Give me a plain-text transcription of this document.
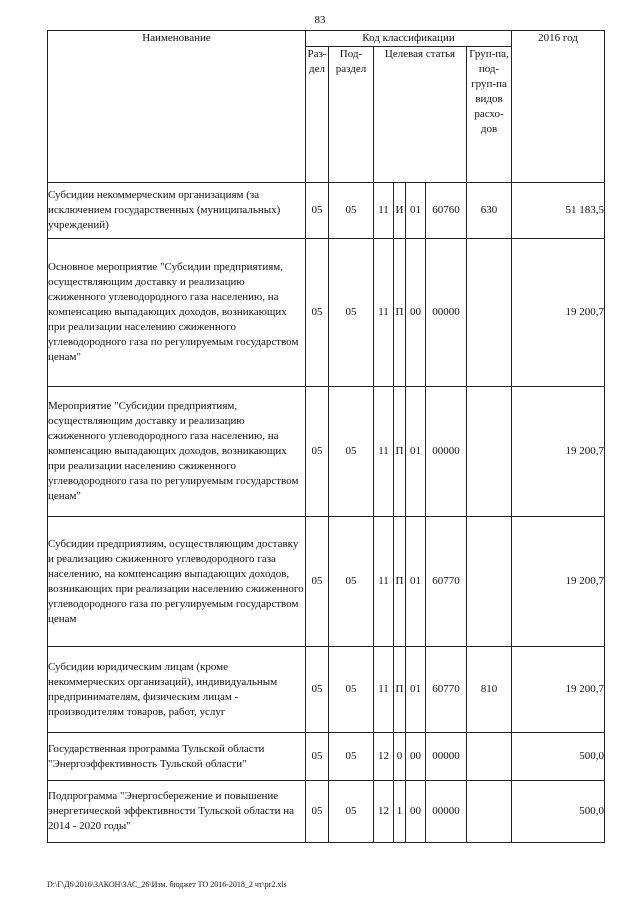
83
Наименование	Код классификации							2016 год
	Раз-дел	Под-раздел	Целевая статья				Груп-па, под-груп-па видов расхо-дов	
Субсидии некоммерческим организациям (за исключением государственных (муниципальных) учреждений)	05	05	11	И	01	60760	630	51 183,5
Основное мероприятие "Субсидии предприятиям, осуществляющим доставку и реализацию сжиженного углеводородного газа населению, на компенсацию выпадающих доходов, возникающих при реализации населению сжиженного углеводородного газа по регулируемым государством ценам"	05	05	11	П	00	00000		19 200,7
Мероприятие "Субсидии предприятиям, осуществляющим доставку и реализацию сжиженного углеводородного газа населению, на компенсацию выпадающих доходов, возникающих при реализации населению сжиженного углеводородного газа по регулируемым государством ценам"	05	05	11	П	01	00000		19 200,7
Субсидии предприятиям, осуществляющим доставку и реализацию сжиженного углеводородного газа населению, на компенсацию выпадающих доходов, возникающих при реализации населению сжиженного углеводородного газа по регулируемым государством ценам	05	05	11	П	01	60770		19 200,7
Субсидии юридическим лицам (кроме некоммерческих организаций), индивидуальным предпринимателям, физическим лицам - производителям товаров, работ, услуг	05	05	11	П	01	60770	810	19 200,7
Государственная программа Тульской области "Энергоэффективность Тульской области"	05	05	12	0	00	00000		500,0
Подпрограмма "Энергосбережение и повышение энергетической эффективности Тульской области на 2014 - 2020 годы"	05	05	12	1	00	00000		500,0
D:\Г\Д6\2016\ЗАКОН\ЗАС_26\Изм. бюджет ТО 2016-2018_2 чт\pr2.xls
